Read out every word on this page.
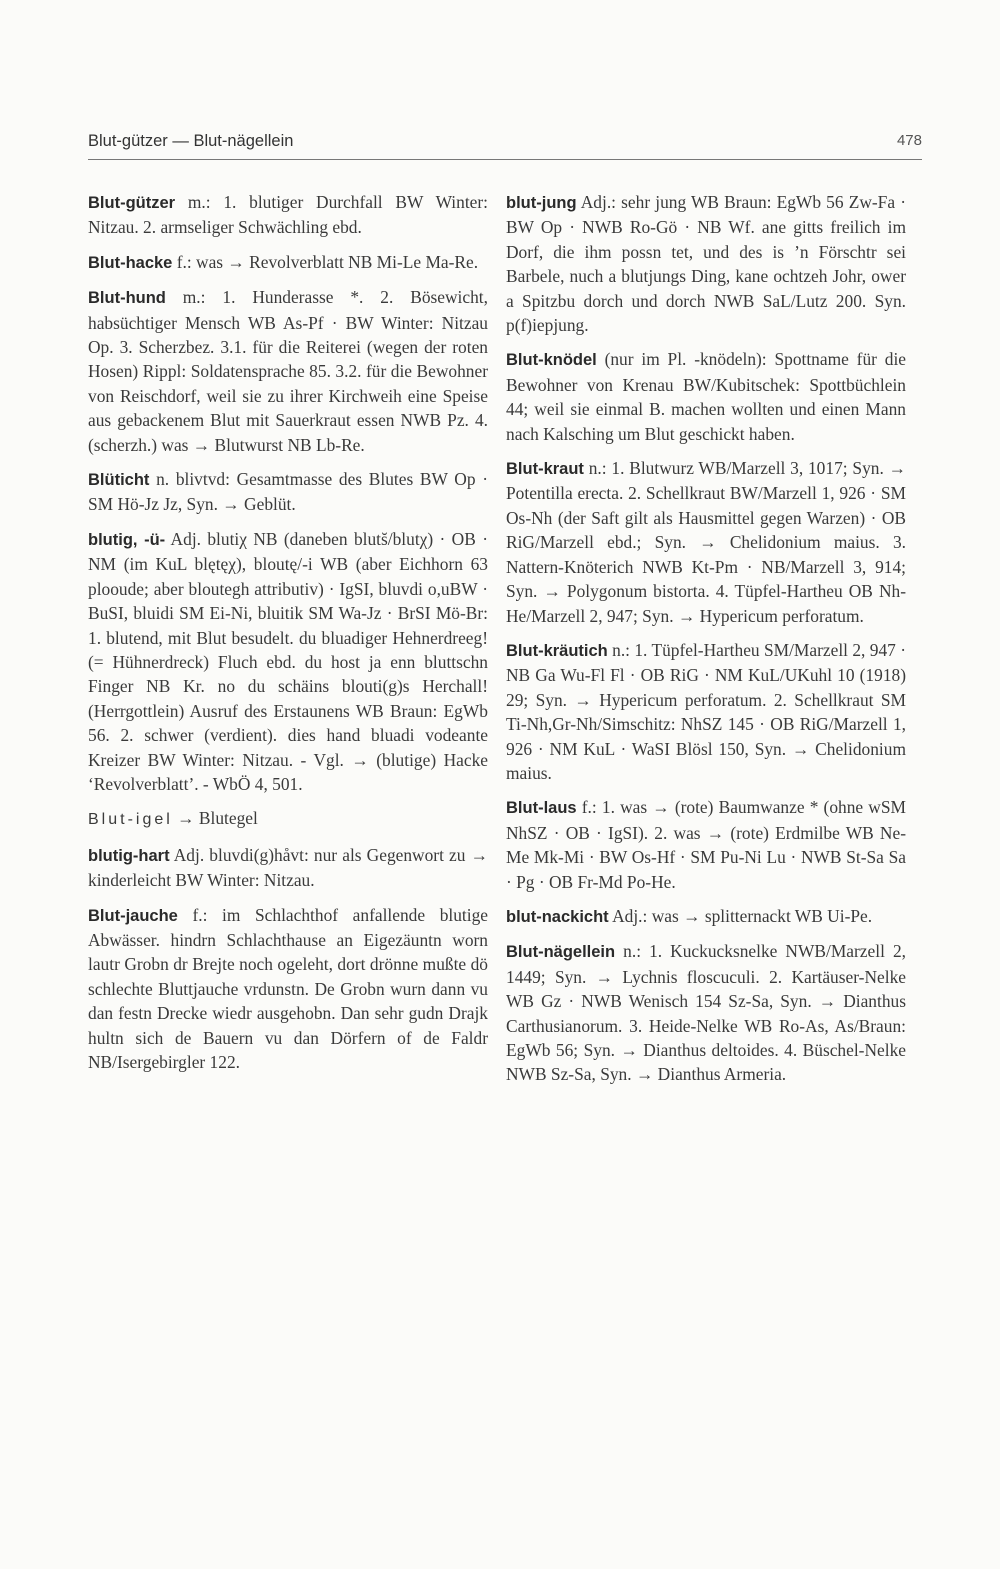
Blut-gützer — Blut-nägellein	478

Blut-gützer m.: 1. blutiger Durchfall BW Winter: Nitzau. 2. armseliger Schwächling ebd.

Blut-hacke f.: was → Revolverblatt NB Mi-Le Ma-Re.

Blut-hund m.: 1. Hunderasse *. 2. Bösewicht, habsüchtiger Mensch WB As-Pf · BW Winter: Nitzau Op. 3. Scherzbez. 3.1. für die Reiterei (wegen der roten Hosen) Rippl: Soldatensprache 85. 3.2. für die Bewohner von Reischdorf, weil sie zu ihrer Kirchweih eine Speise aus gebackenem Blut mit Sauerkraut essen NWB Pz. 4. (scherzh.) was → Blutwurst NB Lb-Re.

Blüticht n. blivtvd: Gesamtmasse des Blutes BW Op · SM Hö-Jz Jz, Syn. → Geblüt.

blutig, -ü- Adj. blutiχ NB (daneben bluts̆/blutχ) · OB · NM (im KuL blętęχ), bloutę/-i WB (aber Eichhorn 63 plooude; aber bloutegh attributiv) · IgSI, bluvdi o,uBW · BuSI, bluidi SM Ei-Ni, bluitik SM Wa-Jz · BrSI Mö-Br: 1. blutend, mit Blut besudelt. du bluadiger Hehnerdreeg! (= Hühnerdreck) Fluch ebd. du host ja enn bluttschn Finger NB Kr. no du schäins blouti(g)s Herchall! (Herrgottlein) Ausruf des Erstaunens WB Braun: EgWb 56. 2. schwer (verdient). dies hand bluadi vodeante Kreizer BW Winter: Nitzau. - Vgl. → (blutige) Hacke ‘Revolverblatt’. - WbÖ 4, 501.

Blut-igel → Blutegel

blutig-hart Adj. bluvdi(g)håvt: nur als Gegenwort zu → kinderleicht BW Winter: Nitzau.

Blut-jauche f.: im Schlachthof anfallende blutige Abwässer. hindrn Schlachthause an Eigezäuntn worn lautr Grobn dr Brejte noch ogeleht, dort drönne mußte dö schlechte Bluttjauche vrdunstn. De Grobn wurn dann vu dan festn Drecke wiedr ausgehobn. Dan sehr gudn Drajk hultn sich de Bauern vu dan Dörfern of de Faldr NB/Isergebirgler 122.

blut-jung Adj.: sehr jung WB Braun: EgWb 56 Zw-Fa · BW Op · NWB Ro-Gö · NB Wf. ane gitts freilich im Dorf, die ihm possn tet, und des is ’n Förschtr sei Barbele, nuch a blutjungs Ding, kane ochtzeh Johr, ower a Spitzbu dorch und dorch NWB SaL/Lutz 200. Syn. p(f)iepjung.

Blut-knödel (nur im Pl. -knödeln): Spottname für die Bewohner von Krenau BW/Kubitschek: Spottbüchlein 44; weil sie einmal B. machen wollten und einen Mann nach Kalsching um Blut geschickt haben.

Blut-kraut n.: 1. Blutwurz WB/Marzell 3, 1017; Syn. → Potentilla erecta. 2. Schellkraut BW/Marzell 1, 926 · SM Os-Nh (der Saft gilt als Hausmittel gegen Warzen) · OB RiG/Marzell ebd.; Syn. → Chelidonium maius. 3. Nattern-Knöterich NWB Kt-Pm · NB/Marzell 3, 914; Syn. → Polygonum bistorta. 4. Tüpfel-Hartheu OB Nh-He/Marzell 2, 947; Syn. → Hypericum perforatum.

Blut-kräutich n.: 1. Tüpfel-Hartheu SM/Marzell 2, 947 · NB Ga Wu-Fl Fl · OB RiG · NM KuL/UKuhl 10 (1918) 29; Syn. → Hypericum perforatum. 2. Schellkraut SM Ti-Nh,Gr-Nh/Simschitz: NhSZ 145 · OB RiG/Marzell 1, 926 · NM KuL · WaSI Blösl 150, Syn. → Chelidonium maius.

Blut-laus f.: 1. was → (rote) Baumwanze * (ohne wSM NhSZ · OB · IgSI). 2. was → (rote) Erdmilbe WB Ne-Me Mk-Mi · BW Os-Hf · SM Pu-Ni Lu · NWB St-Sa Sa · Pg · OB Fr-Md Po-He.

blut-nackicht Adj.: was → splitternackt WB Ui-Pe.

Blut-nägellein n.: 1. Kuckucksnelke NWB/Marzell 2, 1449; Syn. → Lychnis floscuculi. 2. Kartäuser-Nelke WB Gz · NWB Wenisch 154 Sz-Sa, Syn. → Dianthus Carthusianorum. 3. Heide-Nelke WB Ro-As, As/Braun: EgWb 56; Syn. → Dianthus deltoides. 4. Büschel-Nelke NWB Sz-Sa, Syn. → Dianthus Armeria.
